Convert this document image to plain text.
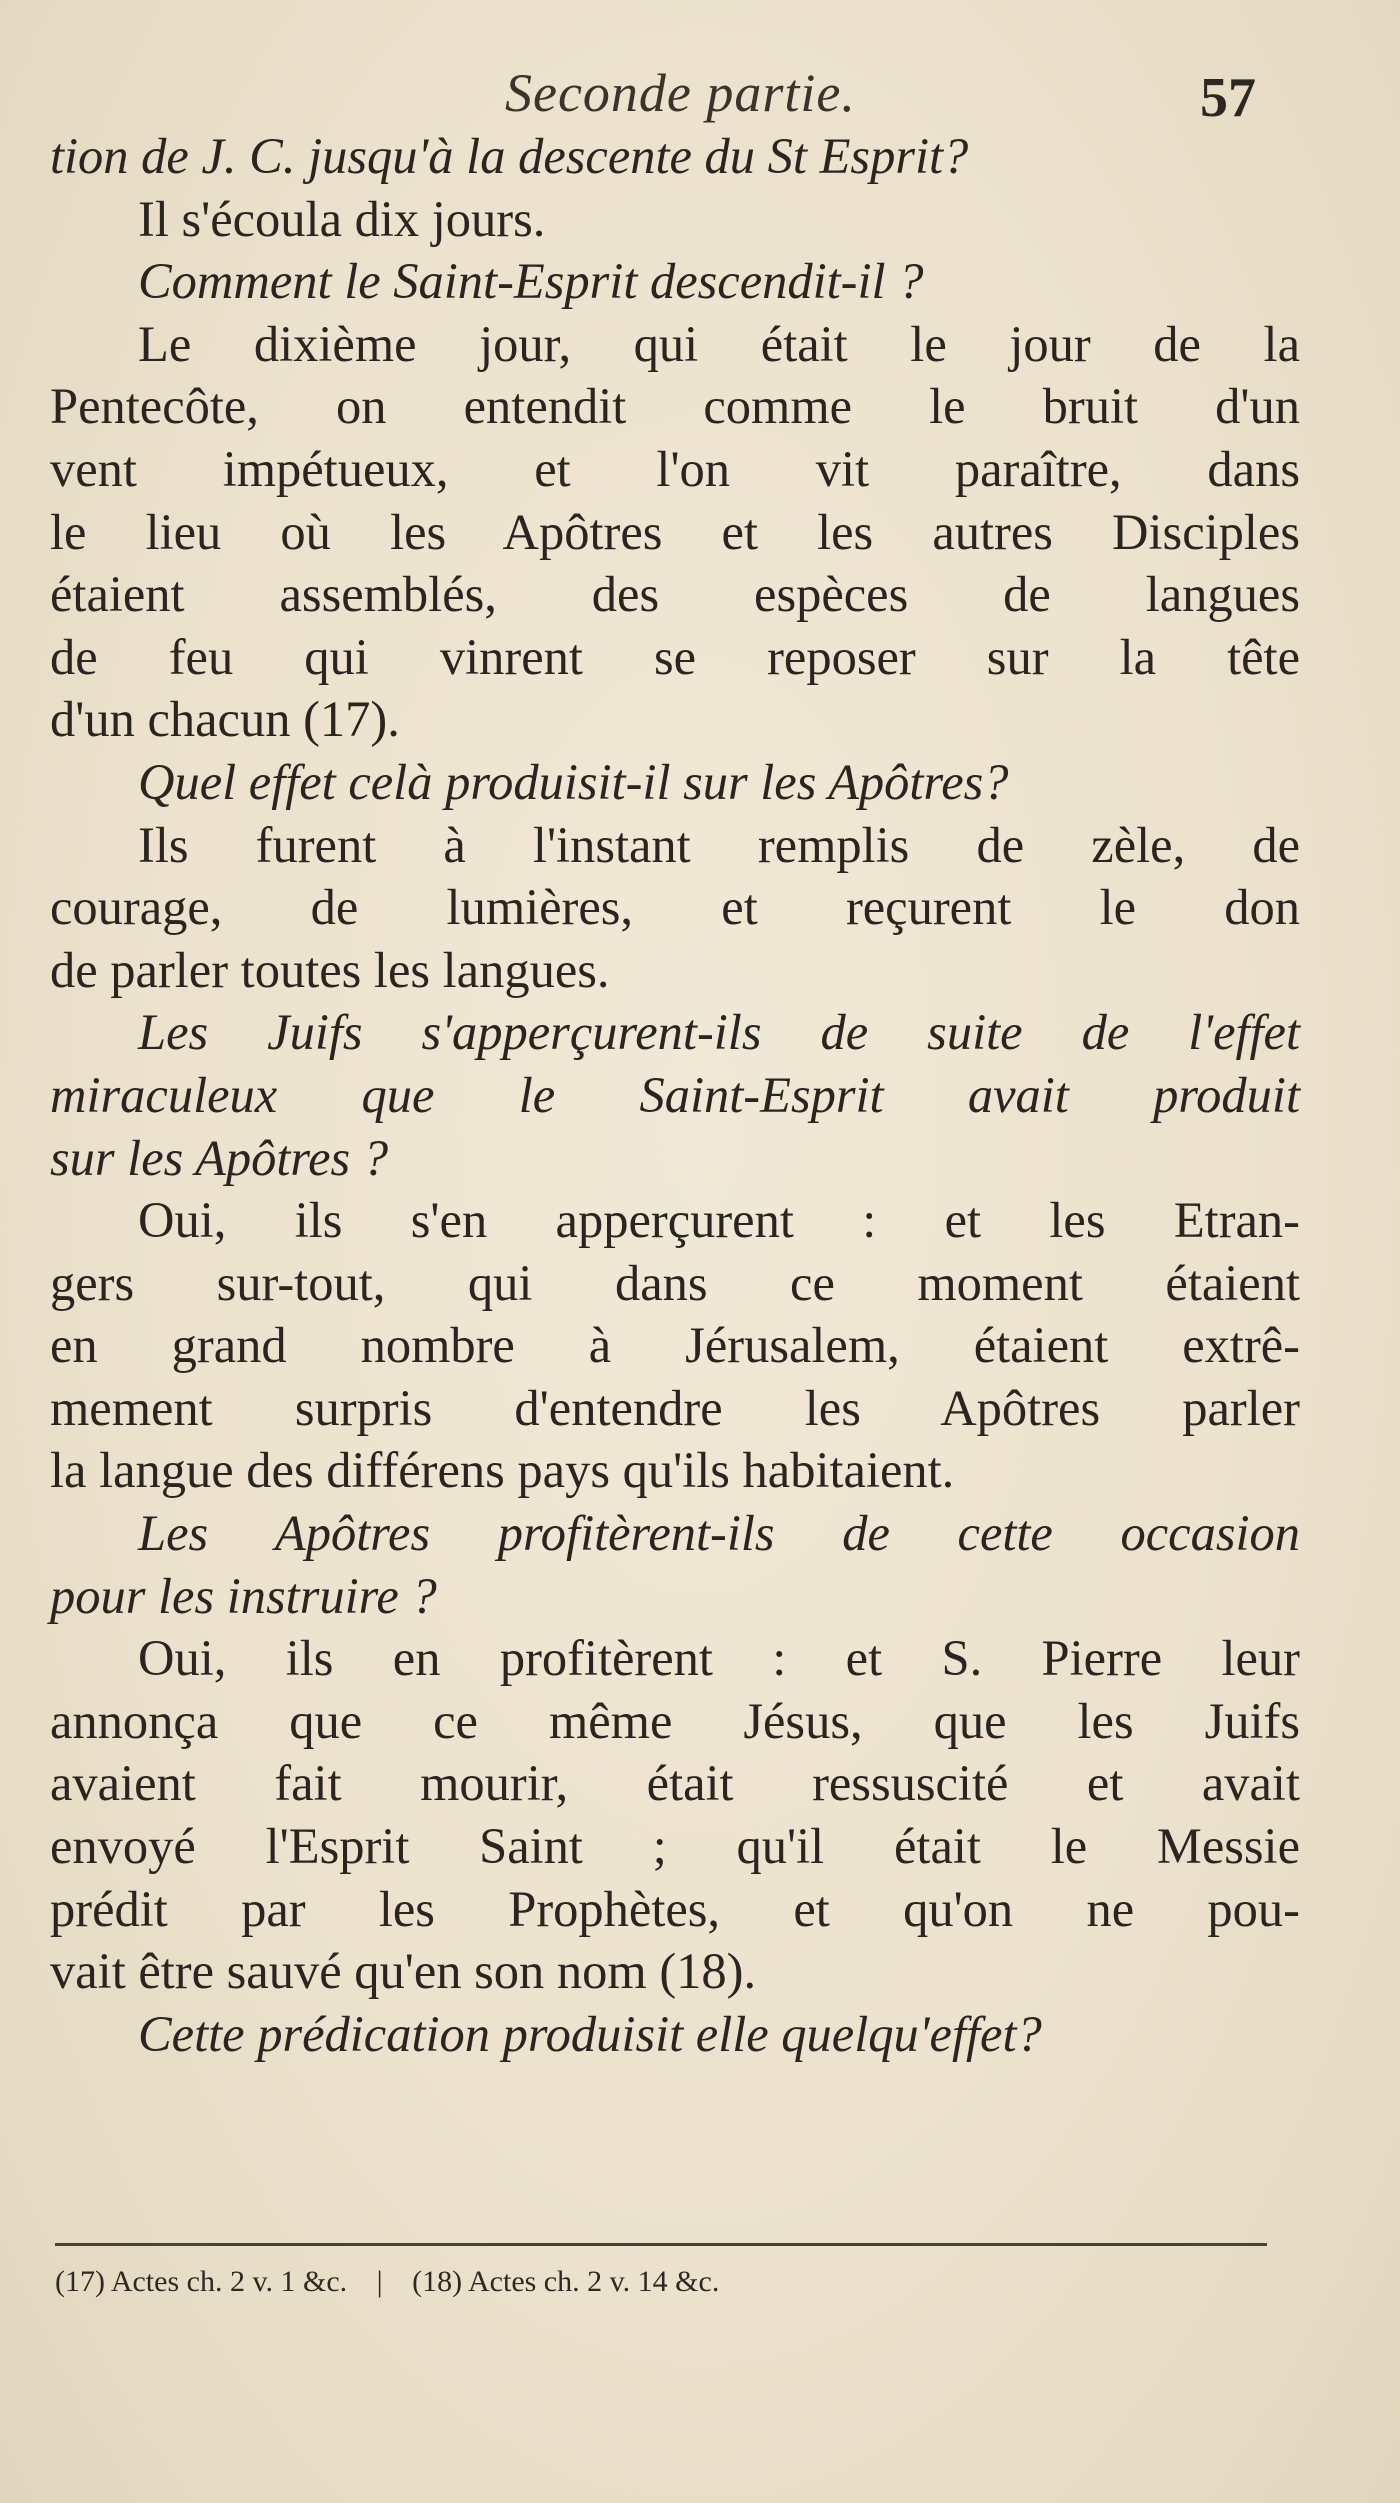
Seconde partie.	57
tion de J. C. jusqu'à la descente du St Esprit?
Il s'écoula dix jours.
Comment le Saint-Esprit descendit-il ?
Le dixième jour, qui était le jour de la
Pentecôte, on entendit comme le bruit d'un
vent impétueux, et l'on vit paraître, dans
le lieu où les Apôtres et les autres Disciples
étaient assemblés, des espèces de langues
de feu qui vinrent se reposer sur la tête
d'un chacun (17).
Quel effet celà produisit-il sur les Apôtres?
Ils furent à l'instant remplis de zèle, de
courage, de lumières, et reçurent le don
de parler toutes les langues.
Les Juifs s'apperçurent-ils de suite de l'effet
miraculeux que le Saint-Esprit avait produit
sur les Apôtres ?
Oui, ils s'en apperçurent : et les Etran-
gers sur-tout, qui dans ce moment étaient
en grand nombre à Jérusalem, étaient extrê-
mement surpris d'entendre les Apôtres parler
la langue des différens pays qu'ils habitaient.
Les Apôtres profitèrent-ils de cette occasion
pour les instruire ?
Oui, ils en profitèrent : et S. Pierre leur
annonça que ce même Jésus, que les Juifs
avaient fait mourir, était ressuscité et avait
envoyé l'Esprit Saint ; qu'il était le Messie
prédit par les Prophètes, et qu'on ne pou-
vait être sauvé qu'en son nom (18).
Cette prédication produisit elle quelqu'effet?
(17) Actes ch. 2 v. 1 &c. | (18) Actes ch. 2 v. 14 &c.
